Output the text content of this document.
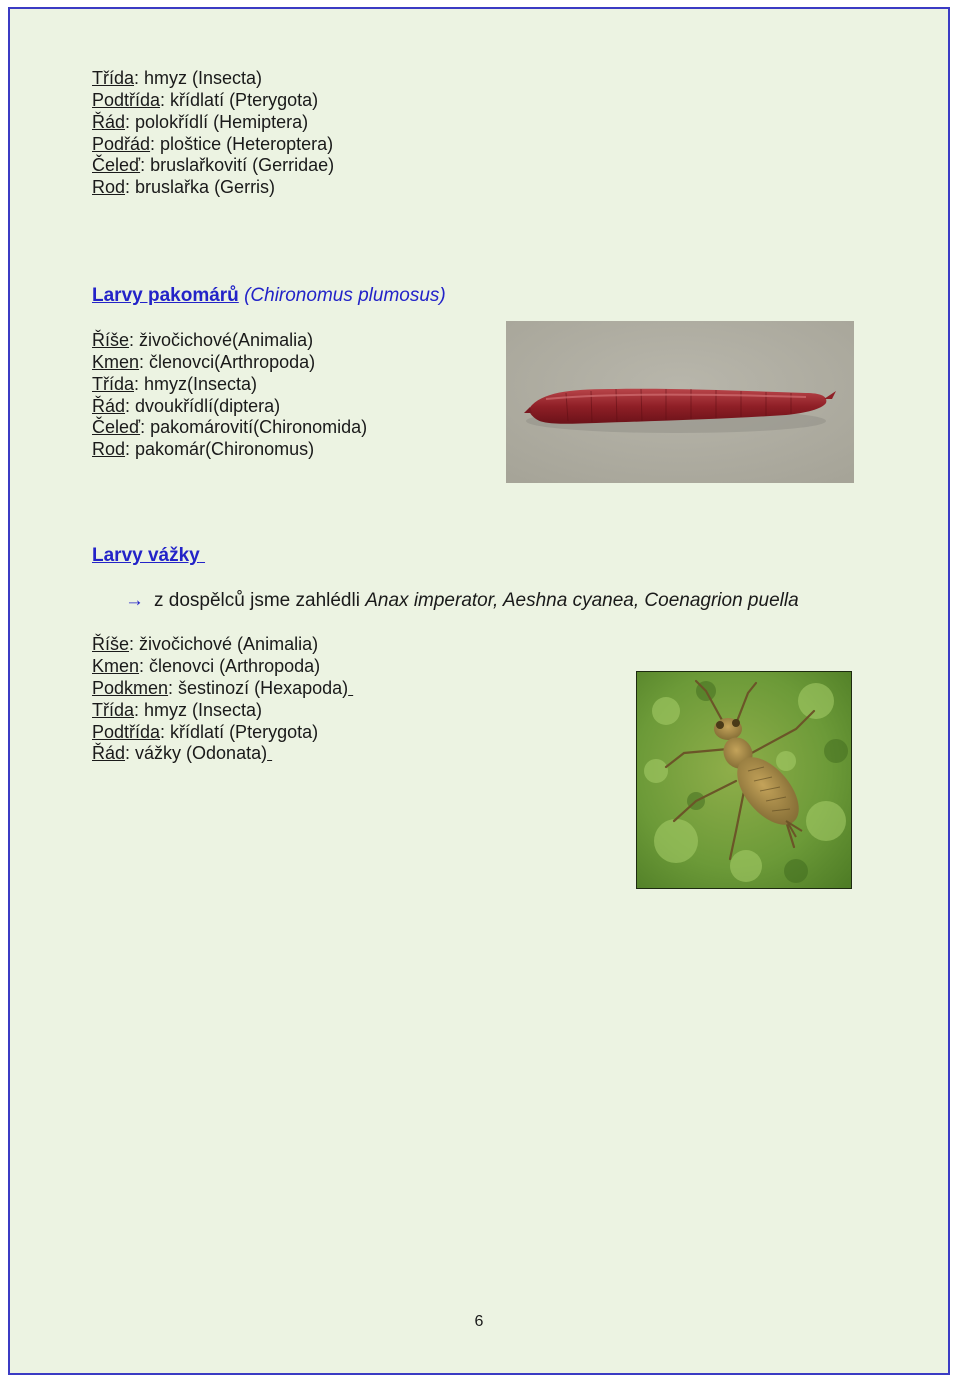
Třída: hmyz (Insecta)
Podtřída: křídlatí (Pterygota)
Řád: polokřídlí (Hemiptera)
Podřád: ploštice (Heteroptera)
Čeleď: bruslařkovití (Gerridae)
Rod: bruslařka (Gerris)
Larvy pakomárů (Chironomus plumosus)
Říše: živočichové(Animalia)
Kmen: členovci(Arthropoda)
Třída: hmyz(Insecta)
Řád: dvoukřídlí(diptera)
Čeleď: pakomárovití(Chironomida)
Rod: pakomár(Chironomus)
Larvy vážky
→ z dospělců jsme zahlédli Anax imperator, Aeshna cyanea, Coenagrion puella
Říše: živočichové (Animalia)
Kmen: členovci (Arthropoda)
Podkmen: šestinozí (Hexapoda)
Třída: hmyz (Insecta)
Podtřída: křídlatí (Pterygota)
Řád: vážky (Odonata)
6
